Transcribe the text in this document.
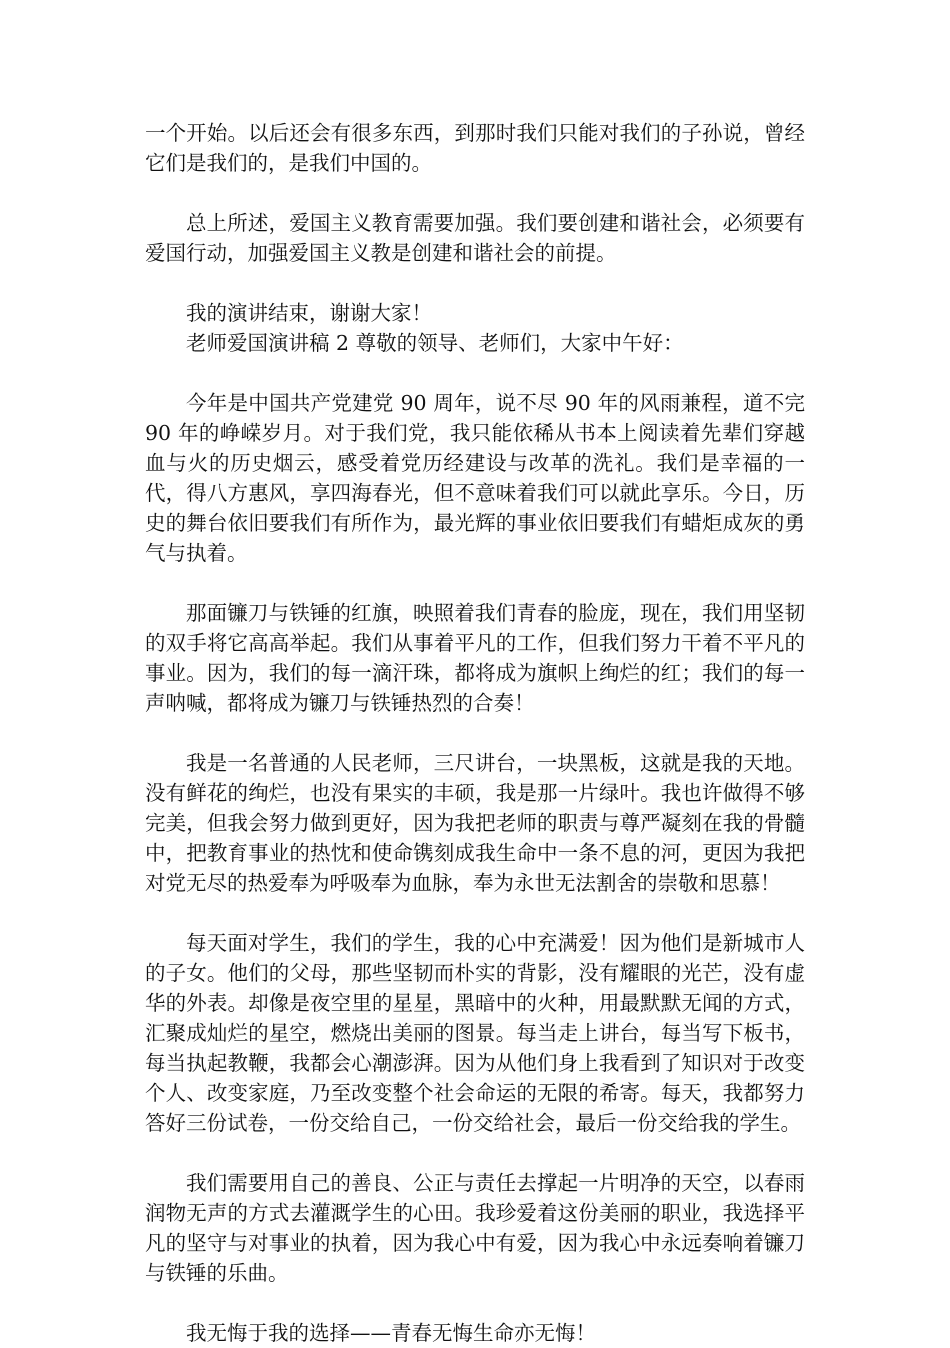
一个开始。以后还会有很多东西，到那时我们只能对我们的子孙说，曾经它们是我们的，是我们中国的。

总上所述，爱国主义教育需要加强。我们要创建和谐社会，必须要有爱国行动，加强爱国主义教是创建和谐社会的前提。

我的演讲结束，谢谢大家！

老师爱国演讲稿 2 尊敬的领导、老师们，大家中午好：

今年是中国共产党建党 90 周年，说不尽 90 年的风雨兼程，道不完 90 年的峥嵘岁月。对于我们党，我只能依稀从书本上阅读着先辈们穿越血与火的历史烟云，感受着党历经建设与改革的洗礼。我们是幸福的一代，得八方惠风，享四海春光，但不意味着我们可以就此享乐。今日，历史的舞台依旧要我们有所作为，最光辉的事业依旧要我们有蜡炬成灰的勇气与执着。

那面镰刀与铁锤的红旗，映照着我们青春的脸庞，现在，我们用坚韧的双手将它高高举起。我们从事着平凡的工作，但我们努力干着不平凡的事业。因为，我们的每一滴汗珠，都将成为旗帜上绚烂的红；我们的每一声呐喊，都将成为镰刀与铁锤热烈的合奏！

我是一名普通的人民老师，三尺讲台，一块黑板，这就是我的天地。没有鲜花的绚烂，也没有果实的丰硕，我是那一片绿叶。我也许做得不够完美，但我会努力做到更好，因为我把老师的职责与尊严凝刻在我的骨髓中，把教育事业的热忱和使命镌刻成我生命中一条不息的河，更因为我把对党无尽的热爱奉为呼吸奉为血脉，奉为永世无法割舍的崇敬和思慕！

每天面对学生，我们的学生，我的心中充满爱！因为他们是新城市人的子女。他们的父母，那些坚韧而朴实的背影，没有耀眼的光芒，没有虚华的外表。却像是夜空里的星星，黑暗中的火种，用最默默无闻的方式，汇聚成灿烂的星空，燃烧出美丽的图景。每当走上讲台，每当写下板书，每当执起教鞭，我都会心潮澎湃。因为从他们身上我看到了知识对于改变个人、改变家庭，乃至改变整个社会命运的无限的希寄。每天，我都努力答好三份试卷，一份交给自己，一份交给社会，最后一份交给我的学生。

我们需要用自己的善良、公正与责任去撑起一片明净的天空，以春雨润物无声的方式去灌溉学生的心田。我珍爱着这份美丽的职业，我选择平凡的坚守与对事业的执着，因为我心中有爱，因为我心中永远奏响着镰刀与铁锤的乐曲。

我无悔于我的选择——青春无悔生命亦无悔！
